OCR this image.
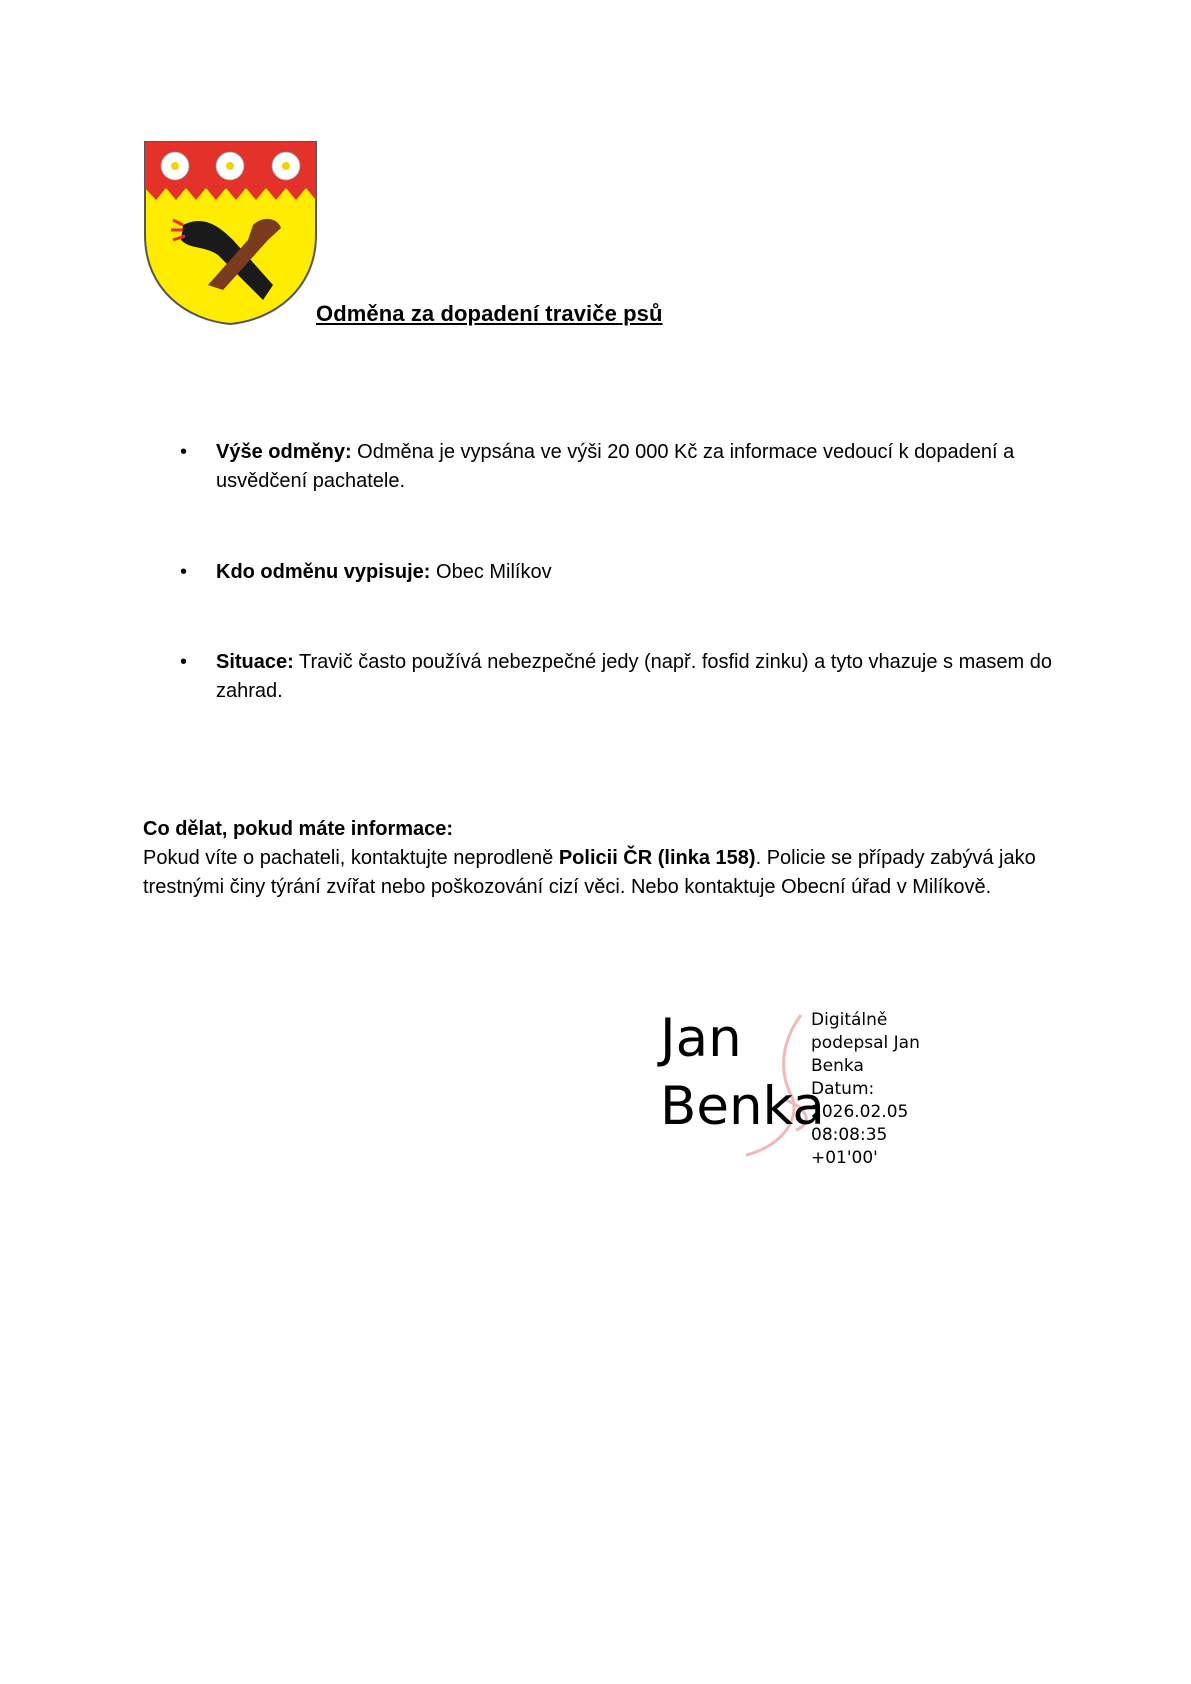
Odměna za dopadení traviče psů
• Výše odměny: Odměna je vypsána ve výši 20 000 Kč za informace vedoucí k dopadení a usvědčení pachatele.
• Kdo odměnu vypisuje: Obec Milíkov
• Situace: Travič často používá nebezpečné jedy (např. fosfid zinku) a tyto vhazuje s masem do zahrad.

Co dělat, pokud máte informace:

Pokud víte o pachateli, kontaktujte neprodleně Policii ČR (linka 158). Policie se případy zabývá jako trestnými činy týrání zvířat nebo poškozování cizí věci. Nebo kontaktuje Obecní úřad v Milíkově.

Jan
Benka
Digitálně
podepsal Jan
Benka
Datum:
2026.02.05
08:08:35 +01'00'
